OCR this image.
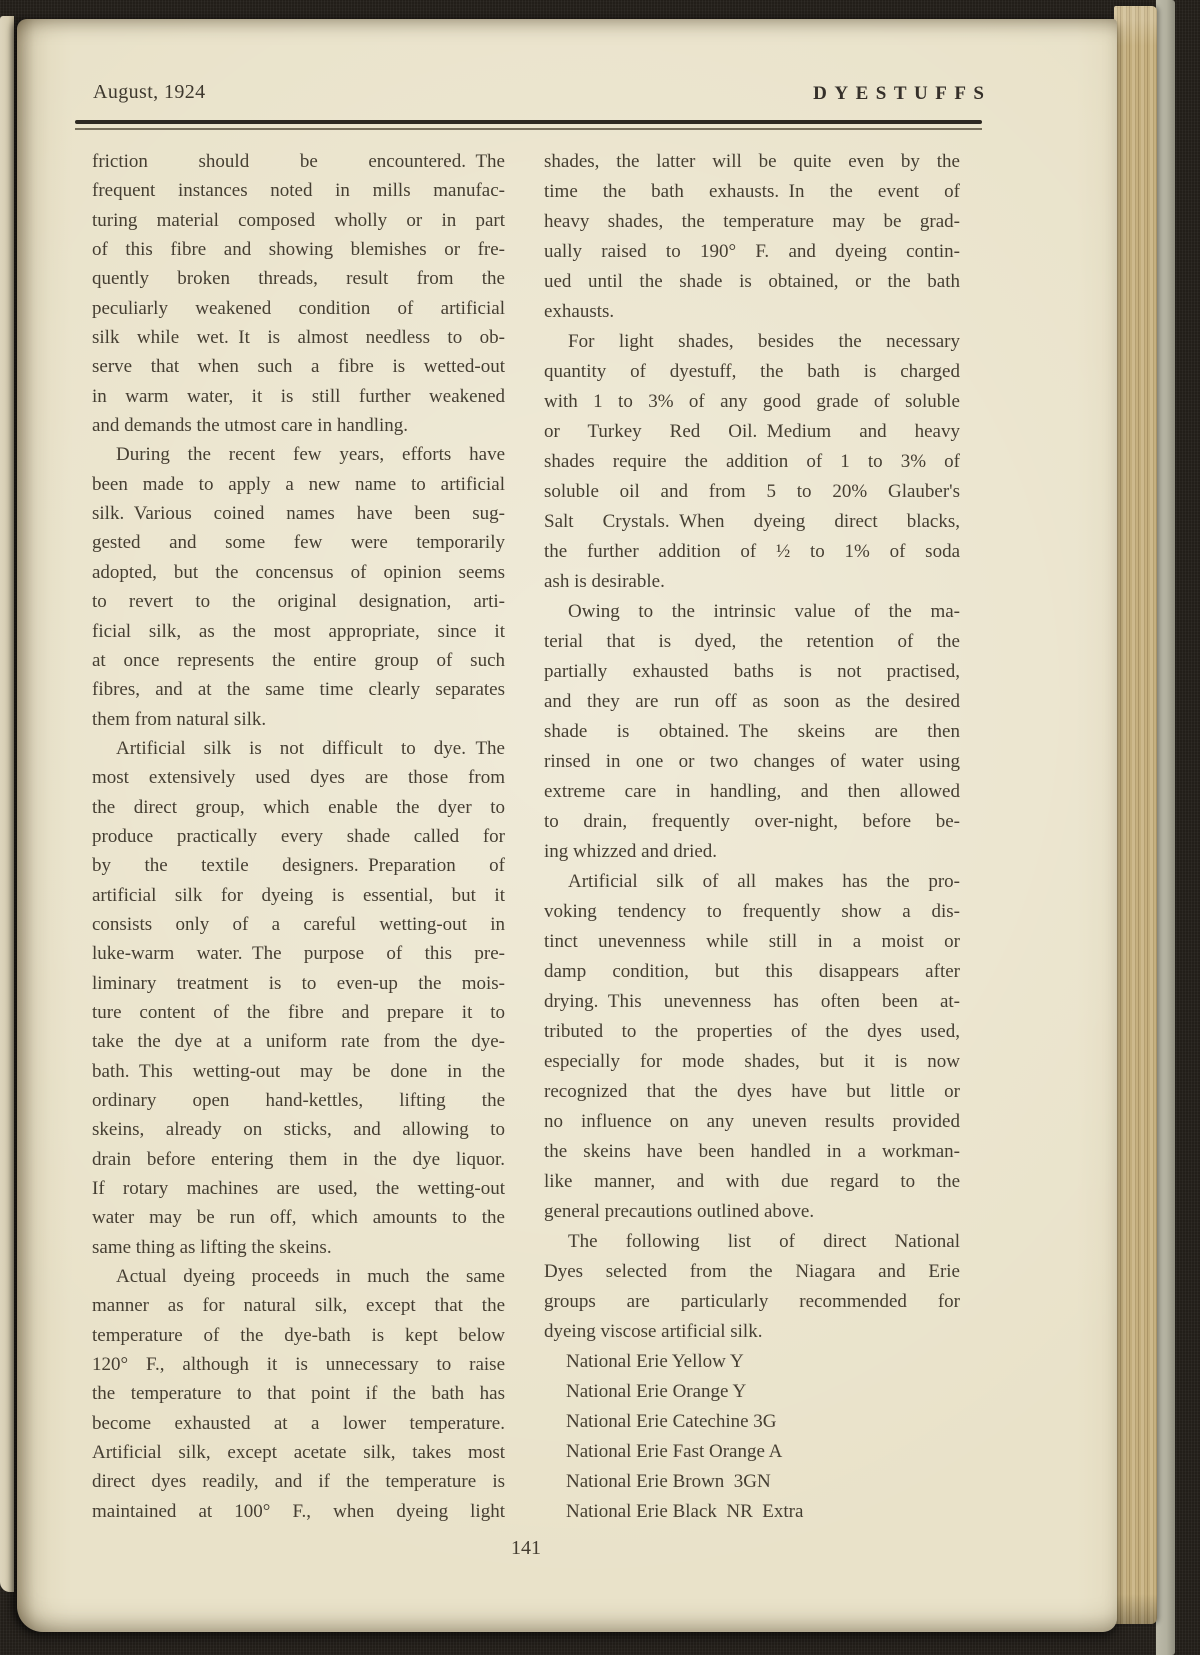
August, 1924	DYESTUFFS
friction should be encountered. The
frequent instances noted in mills manufac-
turing material composed wholly or in part
of this fibre and showing blemishes or fre-
quently broken threads, result from the
peculiarly weakened condition of artificial
silk while wet. It is almost needless to ob-
serve that when such a fibre is wetted-out
in warm water, it is still further weakened
and demands the utmost care in handling.
During the recent few years, efforts have
been made to apply a new name to artificial
silk. Various coined names have been sug-
gested and some few were temporarily
adopted, but the concensus of opinion seems
to revert to the original designation, arti-
ficial silk, as the most appropriate, since it
at once represents the entire group of such
fibres, and at the same time clearly separates
them from natural silk.
Artificial silk is not difficult to dye. The
most extensively used dyes are those from
the direct group, which enable the dyer to
produce practically every shade called for
by the textile designers. Preparation of
artificial silk for dyeing is essential, but it
consists only of a careful wetting-out in
luke-warm water. The purpose of this pre-
liminary treatment is to even-up the mois-
ture content of the fibre and prepare it to
take the dye at a uniform rate from the dye-
bath. This wetting-out may be done in the
ordinary open hand-kettles, lifting the
skeins, already on sticks, and allowing to
drain before entering them in the dye liquor.
If rotary machines are used, the wetting-out
water may be run off, which amounts to the
same thing as lifting the skeins.
Actual dyeing proceeds in much the same
manner as for natural silk, except that the
temperature of the dye-bath is kept below
120° F., although it is unnecessary to raise
the temperature to that point if the bath has
become exhausted at a lower temperature.
Artificial silk, except acetate silk, takes most
direct dyes readily, and if the temperature is
maintained at 100° F., when dyeing light
shades, the latter will be quite even by the
time the bath exhausts. In the event of
heavy shades, the temperature may be grad-
ually raised to 190° F. and dyeing contin-
ued until the shade is obtained, or the bath
exhausts.
For light shades, besides the necessary
quantity of dyestuff, the bath is charged
with 1 to 3% of any good grade of soluble
or Turkey Red Oil. Medium and heavy
shades require the addition of 1 to 3% of
soluble oil and from 5 to 20% Glauber's
Salt Crystals. When dyeing direct blacks,
the further addition of ½ to 1% of soda
ash is desirable.
Owing to the intrinsic value of the ma-
terial that is dyed, the retention of the
partially exhausted baths is not practised,
and they are run off as soon as the desired
shade is obtained. The skeins are then
rinsed in one or two changes of water using
extreme care in handling, and then allowed
to drain, frequently over-night, before be-
ing whizzed and dried.
Artificial silk of all makes has the pro-
voking tendency to frequently show a dis-
tinct unevenness while still in a moist or
damp condition, but this disappears after
drying. This unevenness has often been at-
tributed to the properties of the dyes used,
especially for mode shades, but it is now
recognized that the dyes have but little or
no influence on any uneven results provided
the skeins have been handled in a workman-
like manner, and with due regard to the
general precautions outlined above.
The following list of direct National
Dyes selected from the Niagara and Erie
groups are particularly recommended for
dyeing viscose artificial silk.
National Erie Yellow Y
National Erie Orange Y
National Erie Catechine 3G
National Erie Fast Orange A
National Erie Brown 3GN
National Erie Black NR Extra
141
